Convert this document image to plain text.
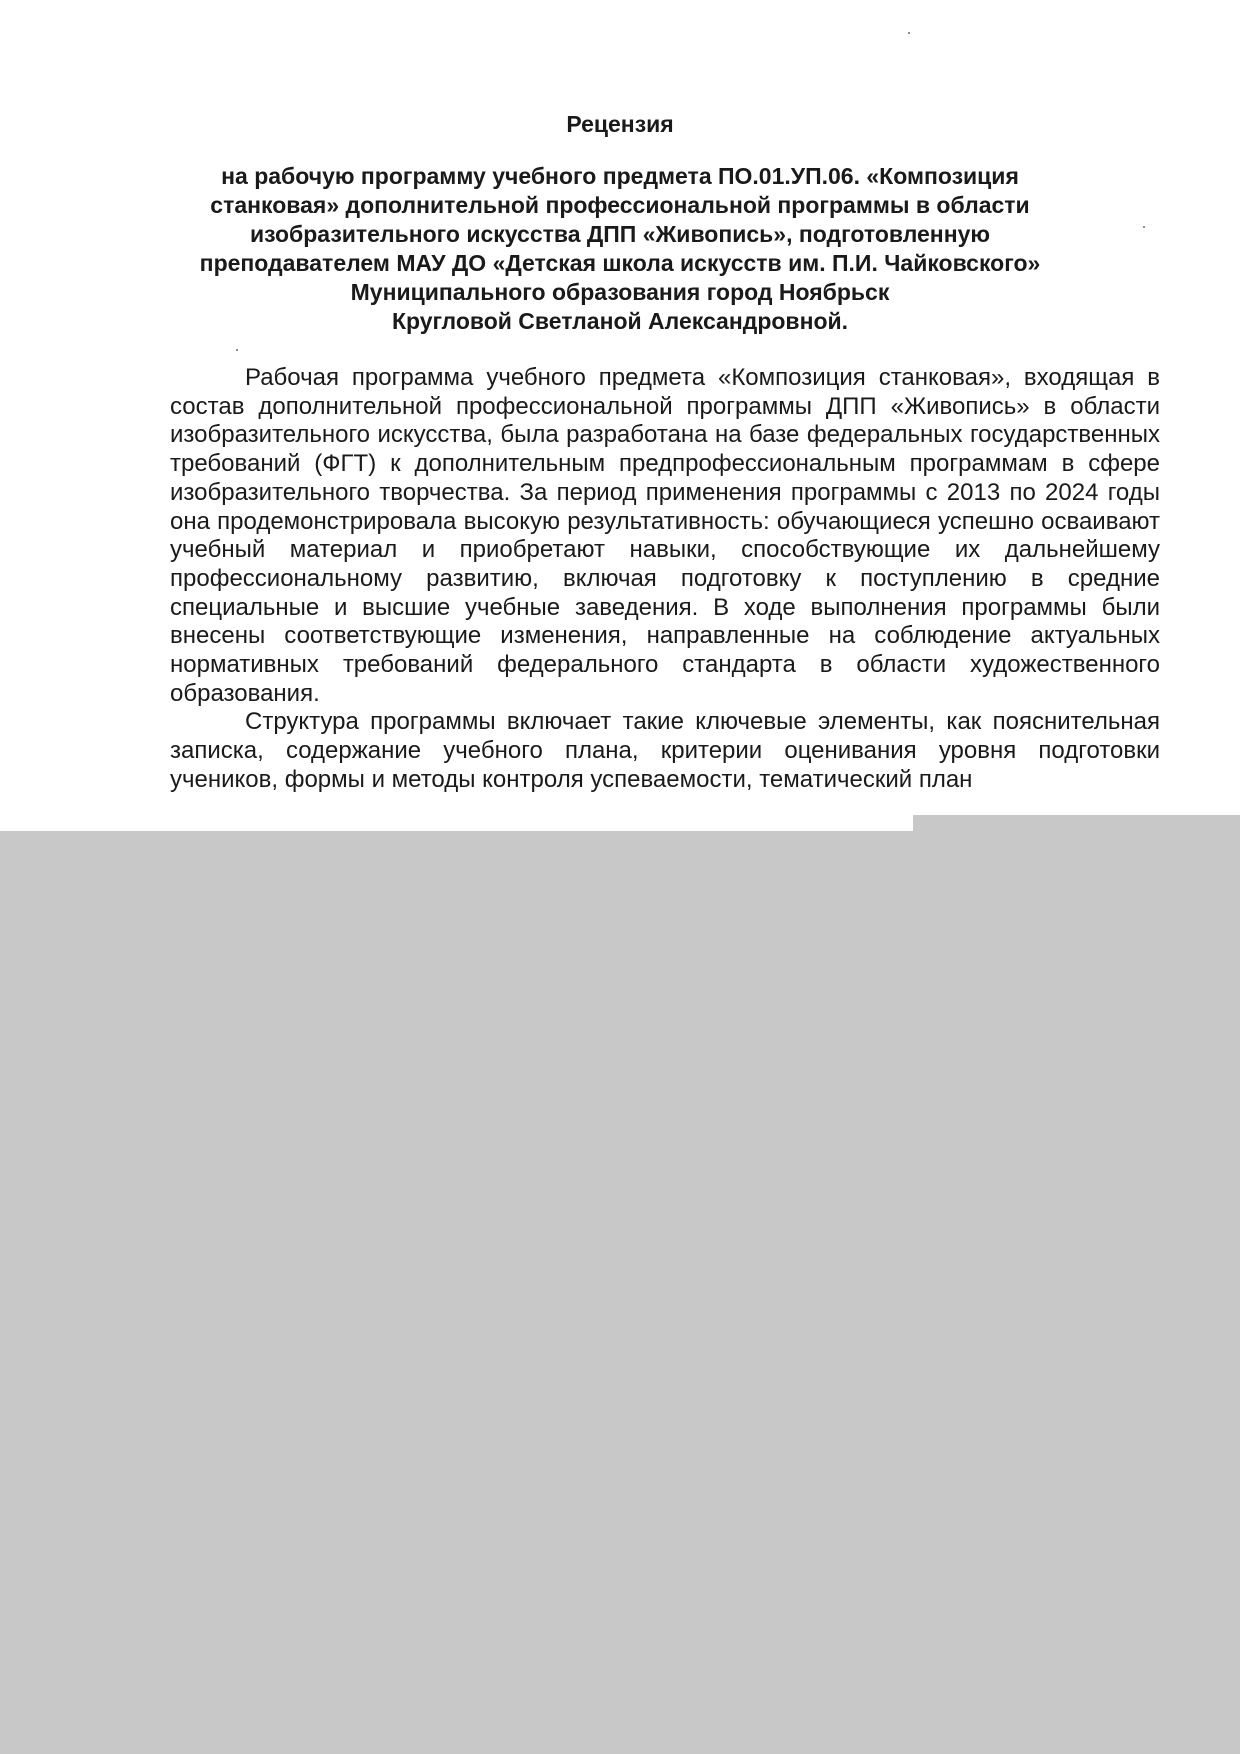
Рецензия
на рабочую программу учебного предмета ПО.01.УП.06. «Композиция
станковая» дополнительной профессиональной программы в области
изобразительного искусства ДПП «Живопись», подготовленную
преподавателем МАУ ДО «Детская школа искусств им. П.И. Чайковского»
Муниципального образования город Ноябрьск
Кругловой Светланой Александровной.

Рабочая программа учебного предмета «Композиция станковая», входящая в состав дополнительной профессиональной программы ДПП «Живопись» в области изобразительного искусства, была разработана на базе федеральных государственных требований (ФГТ) к дополнительным предпрофессиональным программам в сфере изобразительного творчества. За период применения программы с 2013 по 2024 годы она продемонстрировала высокую результативность: обучающиеся успешно осваивают учебный материал и приобретают навыки, способствующие их дальнейшему профессиональному развитию, включая подготовку к поступлению в средние специальные и высшие учебные заведения. В ходе выполнения программы были внесены соответствующие изменения, направленные на соблюдение актуальных нормативных требований федерального стандарта в области художественного образования.

Структура программы включает такие ключевые элементы, как пояснительная записка, содержание учебного плана, критерии оценивания уровня подготовки учеников, формы и методы контроля успеваемости, тематический план
